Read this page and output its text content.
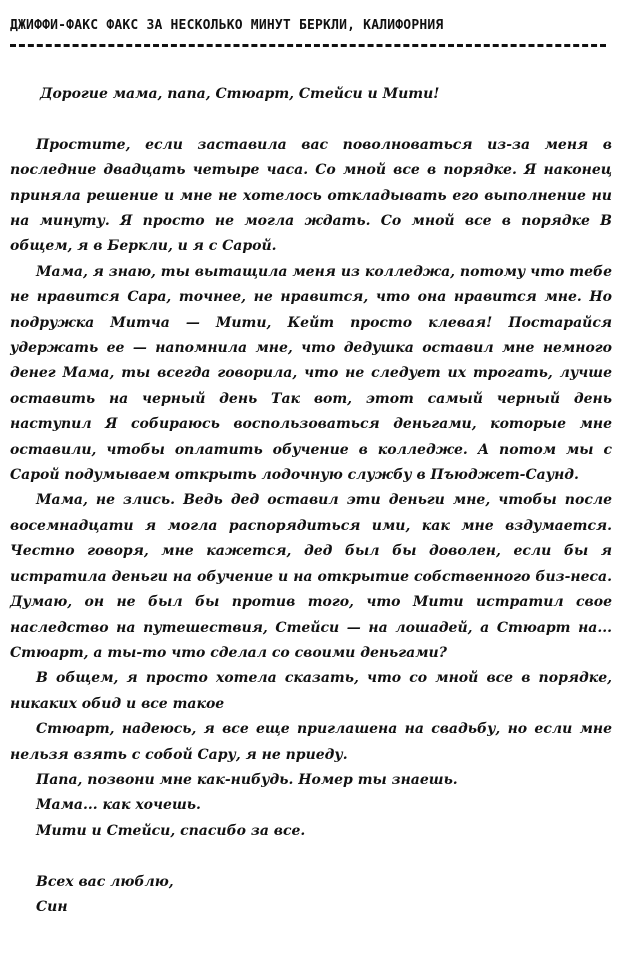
ДЖИФФИ-ФАКС ФАКС ЗА НЕСКОЛЬКО МИНУТ БЕРКЛИ, КАЛИФОРНИЯ

Дорогие мама, папа, Стюарт, Стейси и Мити!

Простите, если заставила вас поволноваться из-за меня в последние двадцать четыре часа. Со мной все в порядке. Я наконец приняла решение и мне не хотелось откладывать его выполнение ни на минуту. Я просто не могла ждать. Со мной все в порядке В общем, я в Беркли, и я с Сарой.

Мама, я знаю, ты вытащила меня из колледжа, потому что тебе не нравится Сара, точнее, не нравится, что она нравится мне. Но подружка Митча — Мити, Кейт просто клевая! Постарайся удержать ее — напомнила мне, что дедушка оставил мне немного денег Мама, ты всегда говорила, что не следует их трогать, лучше оставить на черный день Так вот, этот самый черный день наступил Я собираюсь воспользоваться деньгами, которые мне оставили, чтобы оплатить обучение в колледже. А потом мы с Сарой подумываем открыть лодочную службу в Пъюджет-Саунд.

Мама, не злись. Ведь дед оставил эти деньги мне, чтобы после восемнадцати я могла распорядиться ими, как мне вздумается. Честно говоря, мне кажется, дед был бы доволен, если бы я истратила деньги на обучение и на открытие собственного биз-неса. Думаю, он не был бы против того, что Мити истратил свое наследство на путешествия, Стейси — на лошадей, а Стюарт на... Стюарт, а ты-то что сделал со своими деньгами?

В общем, я просто хотела сказать, что со мной все в порядке, никаких обид и все такое

Стюарт, надеюсь, я все еще приглашена на свадьбу, но если мне нельзя взять с собой Сару, я не приеду.

Папа, позвони мне как-нибудь. Номер ты знаешь.

Мама... как хочешь.

Мити и Стейси, спасибо за все.

Всех вас люблю,

Син
